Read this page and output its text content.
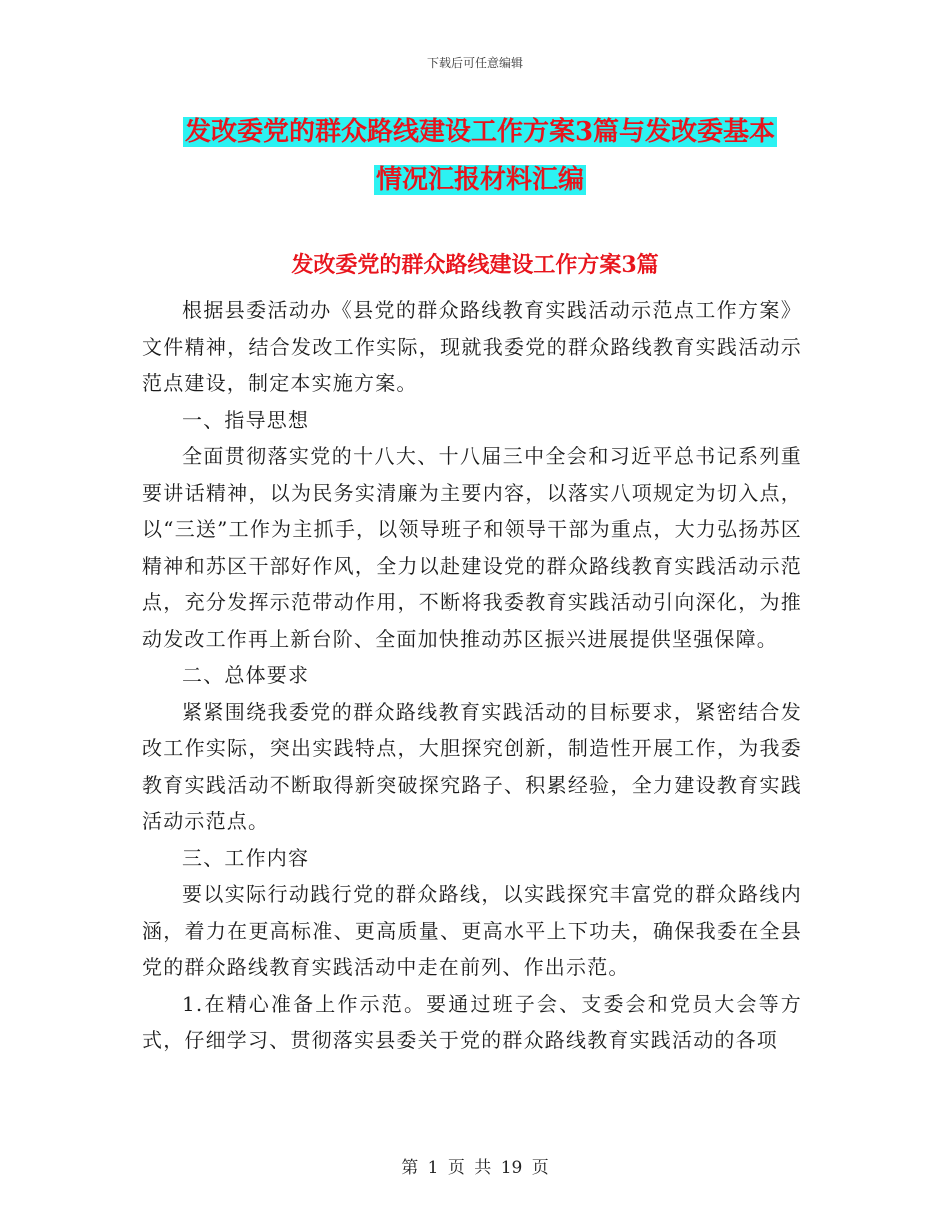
下载后可任意编辑
发改委党的群众路线建设工作方案3篇与发改委基本
情况汇报材料汇编
发改委党的群众路线建设工作方案3篇

根据县委活动办《县党的群众路线教育实践活动示范点工作方案》文件精神，结合发改工作实际，现就我委党的群众路线教育实践活动示范点建设，制定本实施方案。

一、指导思想

全面贯彻落实党的十八大、十八届三中全会和习近平总书记系列重要讲话精神，以为民务实清廉为主要内容，以落实八项规定为切入点，以“三送”工作为主抓手，以领导班子和领导干部为重点，大力弘扬苏区精神和苏区干部好作风，全力以赴建设党的群众路线教育实践活动示范点，充分发挥示范带动作用，不断将我委教育实践活动引向深化，为推动发改工作再上新台阶、全面加快推动苏区振兴进展提供坚强保障。

二、总体要求

紧紧围绕我委党的群众路线教育实践活动的目标要求，紧密结合发改工作实际，突出实践特点，大胆探究创新，制造性开展工作，为我委教育实践活动不断取得新突破探究路子、积累经验，全力建设教育实践活动示范点。

三、工作内容

要以实际行动践行党的群众路线，以实践探究丰富党的群众路线内涵，着力在更高标准、更高质量、更高水平上下功夫，确保我委在全县党的群众路线教育实践活动中走在前列、作出示范。

1.在精心准备上作示范。要通过班子会、支委会和党员大会等方式，仔细学习、贯彻落实县委关于党的群众路线教育实践活动的各项

第 1 页 共 19 页
